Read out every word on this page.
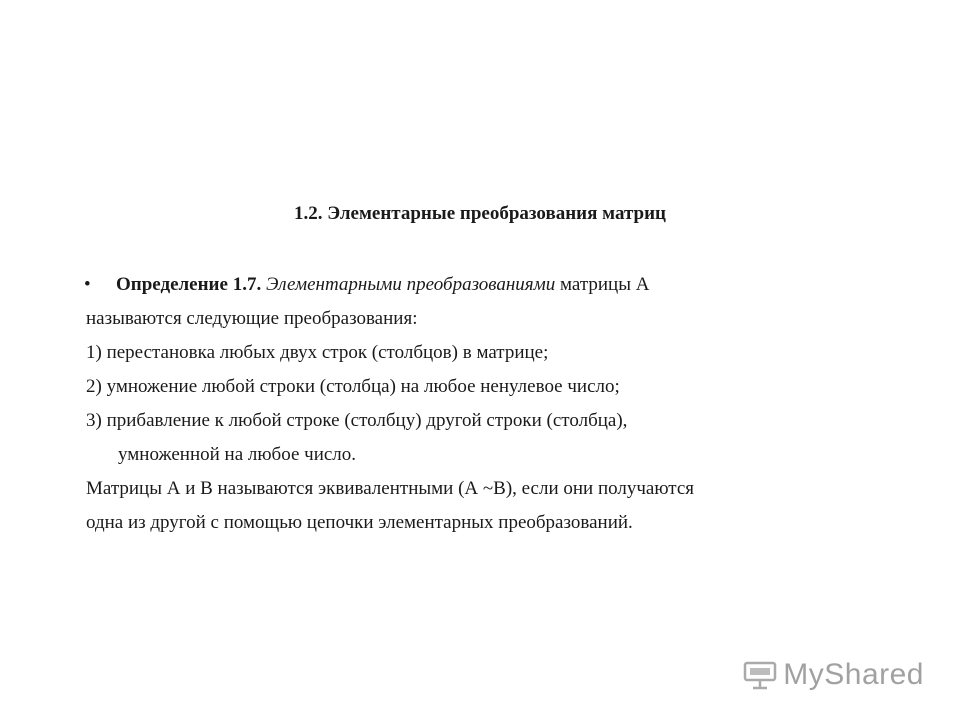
1.2. Элементарные преобразования матриц
• Определение 1.7. Элементарными преобразованиями матрицы А
называются следующие преобразования:
1) перестановка любых двух строк (столбцов) в матрице;
2) умножение любой строки (столбца) на любое ненулевое число;
3) прибавление к любой строке (столбцу) другой строки (столбца),
умноженной на любое число.
Матрицы А и В называются эквивалентными (А ~В), если они получаются
одна из другой с помощью цепочки элементарных преобразований.
MyShared
